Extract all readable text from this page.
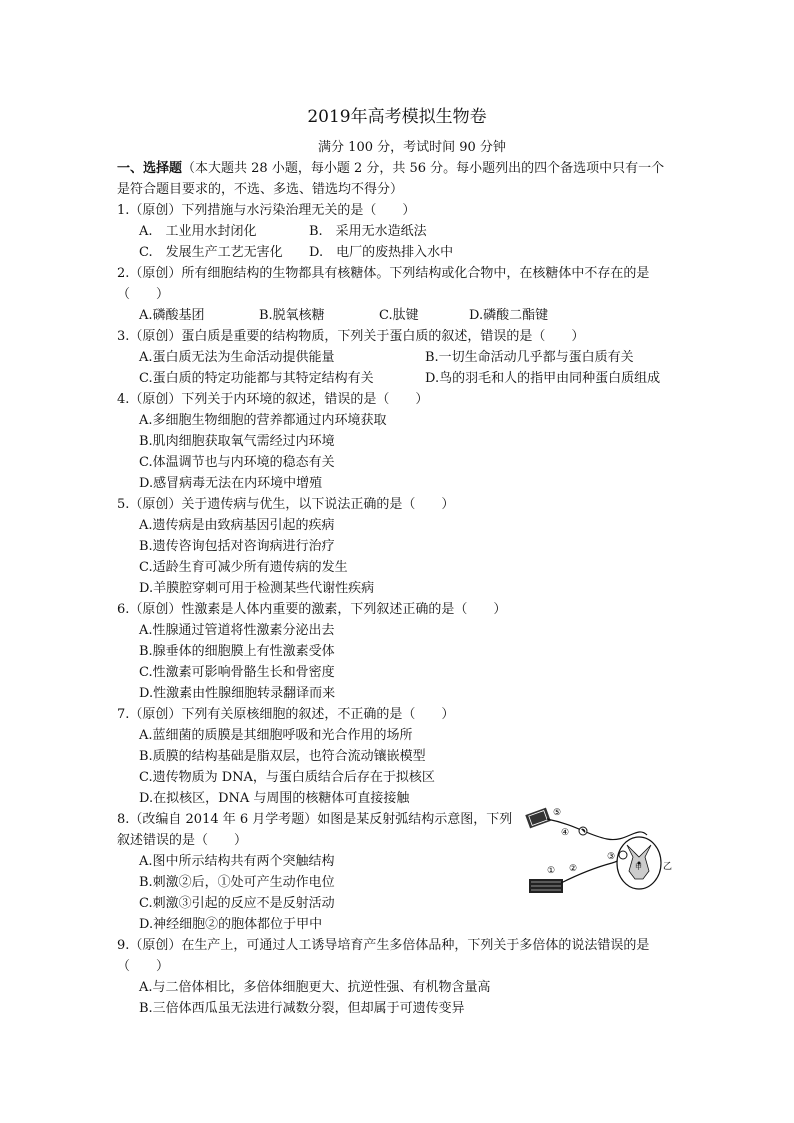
2019年高考模拟生物卷
满分 100 分，考试时间 90 分钟
一、选择题（本大题共 28 小题，每小题 2 分，共 56 分。每小题列出的四个备选项中只有一个是符合题目要求的，不选、多选、错选均不得分）
1.（原创）下列措施与水污染治理无关的是（　　）
A.　工业用水封闭化	B.　采用无水造纸法
C.　发展生产工艺无害化	D.　电厂的废热排入水中
2.（原创）所有细胞结构的生物都具有核糖体。下列结构或化合物中，在核糖体中不存在的是（　　）
A.磷酸基团	B.脱氧核糖	C.肽键	D.磷酸二酯键
3.（原创）蛋白质是重要的结构物质，下列关于蛋白质的叙述，错误的是（　　）
A.蛋白质无法为生命活动提供能量	B.一切生命活动几乎都与蛋白质有关
C.蛋白质的特定功能都与其特定结构有关	D.鸟的羽毛和人的指甲由同种蛋白质组成
4.（原创）下列关于内环境的叙述，错误的是（　　）
A.多细胞生物细胞的营养都通过内环境获取
B.肌肉细胞获取氧气需经过内环境
C.体温调节也与内环境的稳态有关
D.感冒病毒无法在内环境中增殖
5.（原创）关于遗传病与优生，以下说法正确的是（　　）
A.遗传病是由致病基因引起的疾病
B.遗传咨询包括对咨询病进行治疗
C.适龄生育可减少所有遗传病的发生
D.羊膜腔穿刺可用于检测某些代谢性疾病
6.（原创）性激素是人体内重要的激素，下列叙述正确的是（　　）
A.性腺通过管道将性激素分泌出去
B.腺垂体的细胞膜上有性激素受体
C.性激素可影响骨骼生长和骨密度
D.性激素由性腺细胞转录翻译而来
7.（原创）下列有关原核细胞的叙述，不正确的是（　　）
A.蓝细菌的质膜是其细胞呼吸和光合作用的场所
B.质膜的结构基础是脂双层，也符合流动镶嵌模型
C.遗传物质为 DNA，与蛋白质结合后存在于拟核区
D.在拟核区，DNA 与周围的核糖体可直接接触
8.（改编自 2014 年 6 月学考题）如图是某反射弧结构示意图，下列叙述错误的是（　　）
A.图中所示结构共有两个突触结构
B.刺激②后，①处可产生动作电位
C.刺激③引起的反应不是反射活动
D.神经细胞②的胞体都位于甲中
⑤
④
③
②
①	甲 乙
9.（原创）在生产上，可通过人工诱导培育产生多倍体品种，下列关于多倍体的说法错误的是（　　）
A.与二倍体相比，多倍体细胞更大、抗逆性强、有机物含量高
B.三倍体西瓜虽无法进行减数分裂，但却属于可遗传变异
